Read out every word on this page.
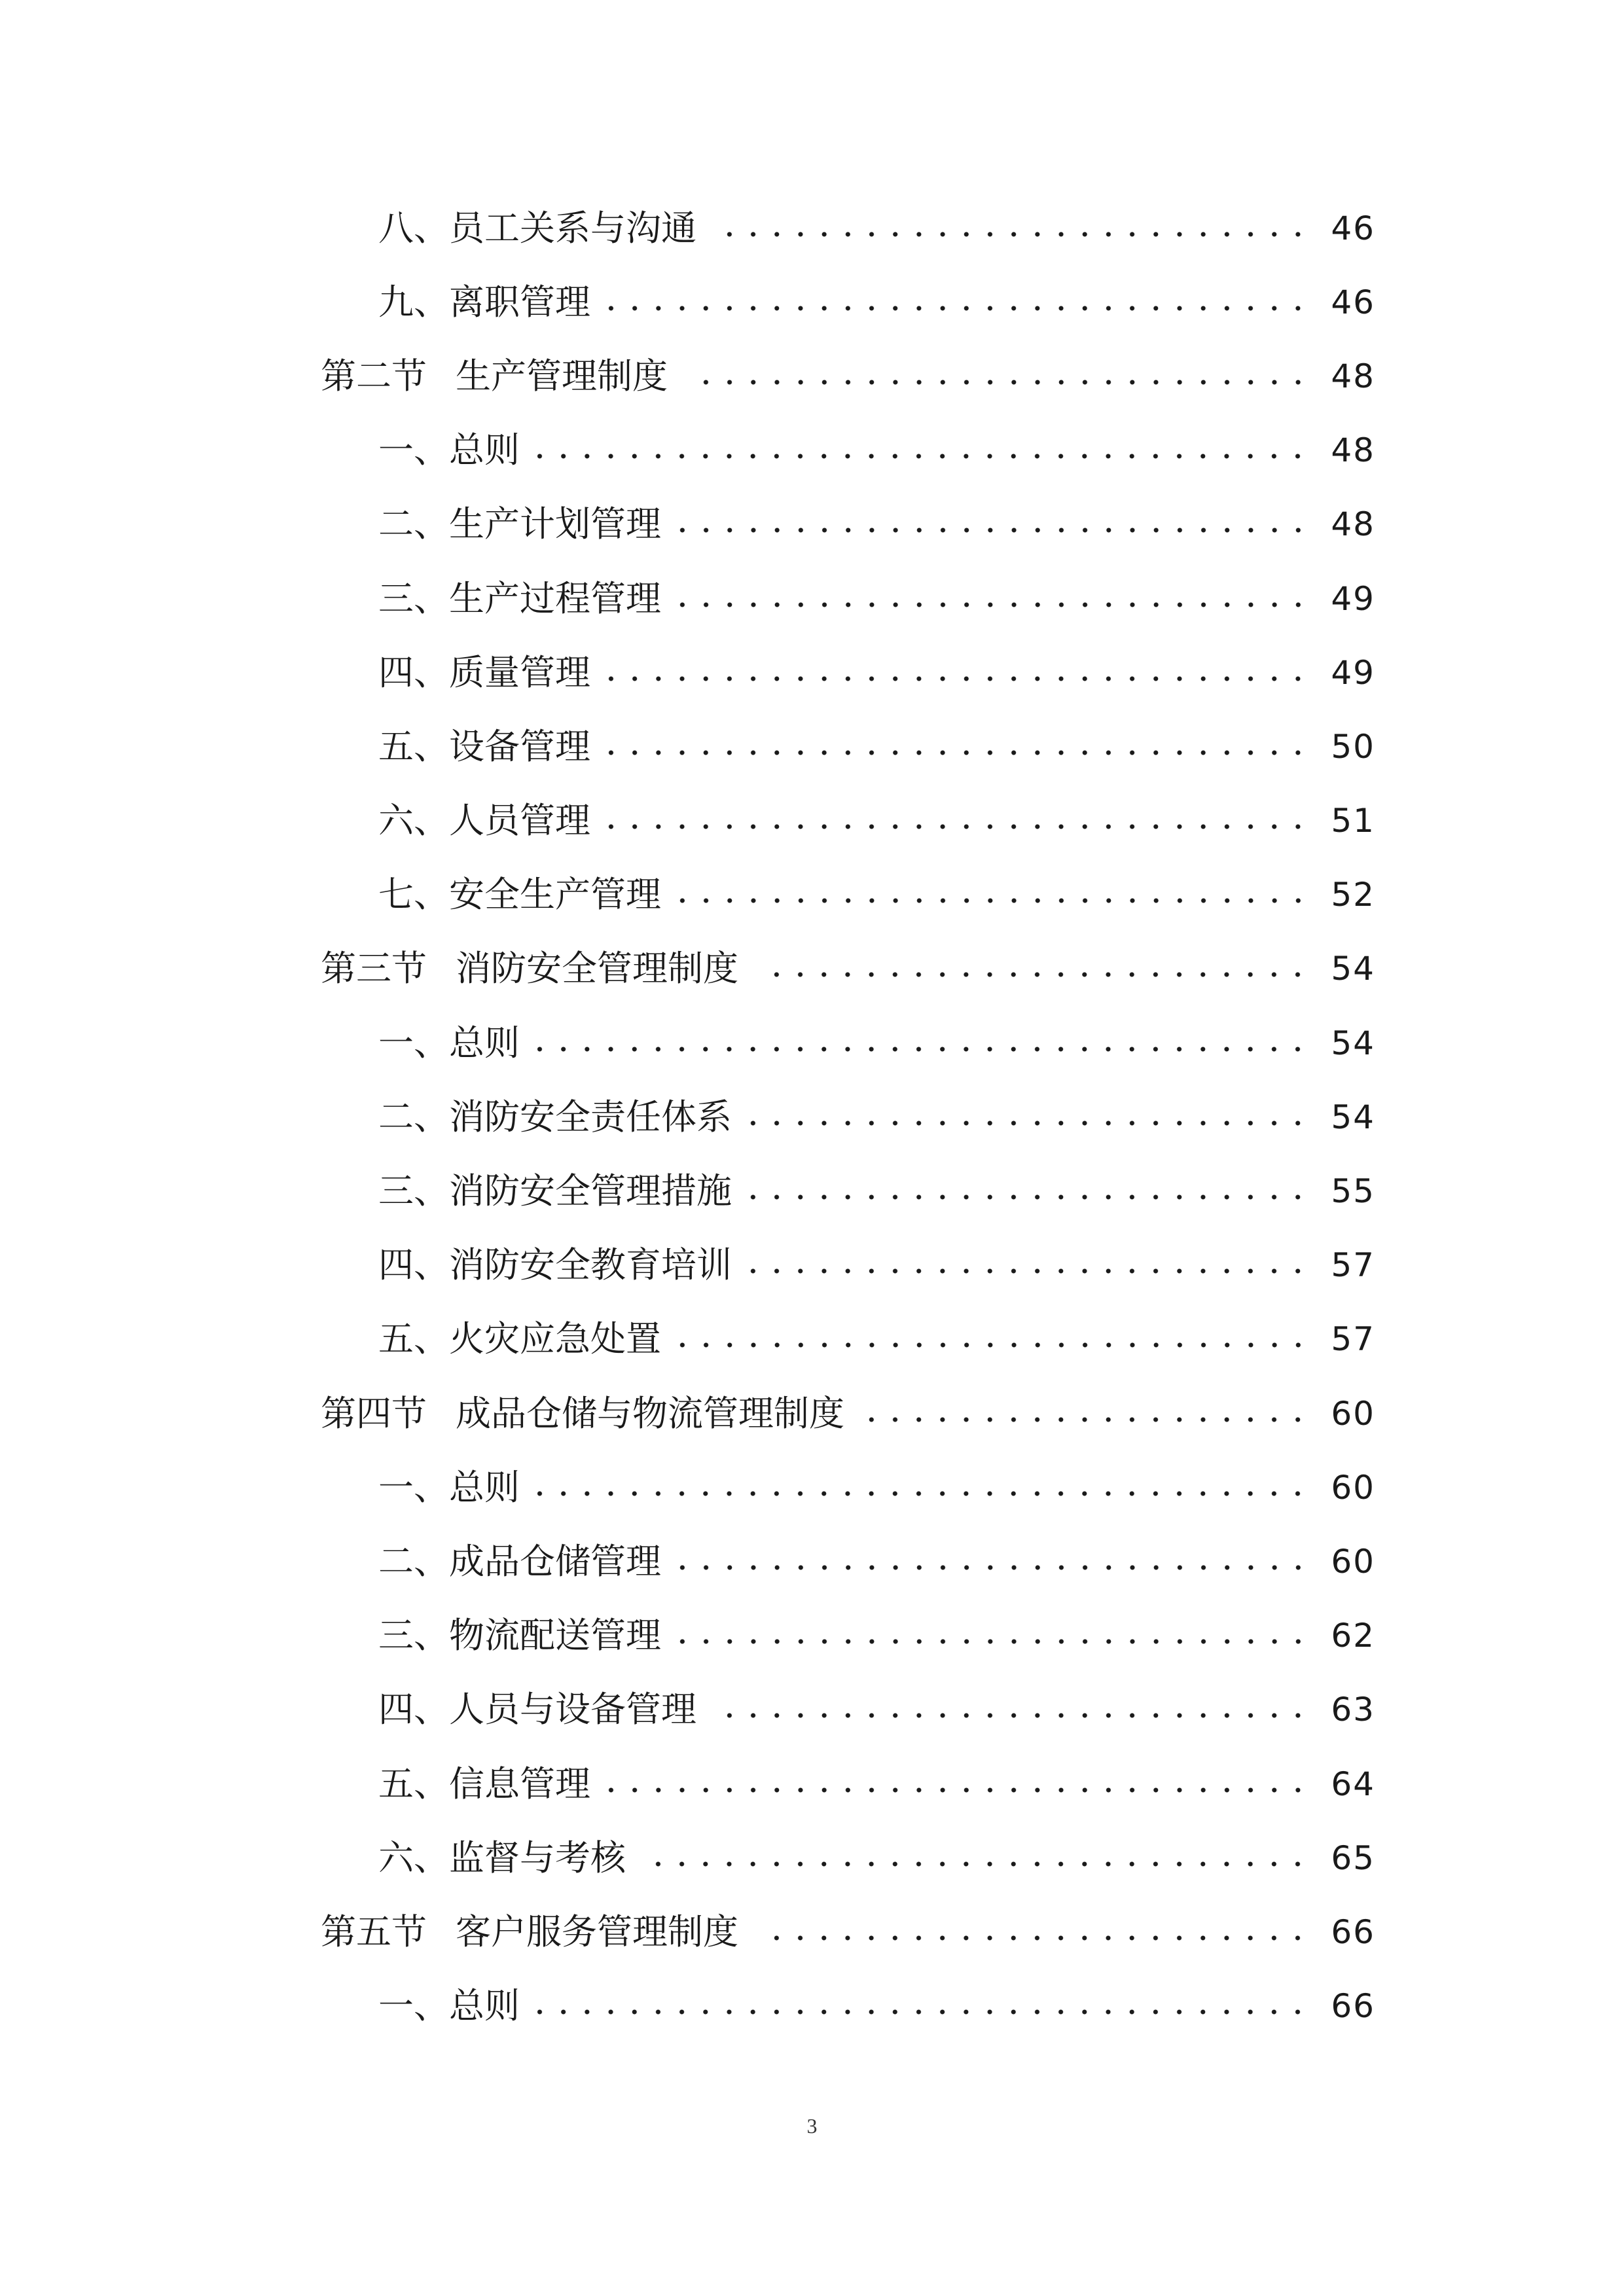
八、 员工关系与沟通	46
九、 离职管理	46
第二节 生产管理制度	48
一、 总则	48
二、 生产计划管理	48
三、 生产过程管理	49
四、 质量管理	49
五、 设备管理	50
六、 人员管理	51
七、 安全生产管理	52
第三节 消防安全管理制度	54
一、 总则	54
二、 消防安全责任体系	54
三、 消防安全管理措施	55
四、 消防安全教育培训	57
五、 火灾应急处置	57
第四节 成品仓储与物流管理制度	60
一、 总则	60
二、 成品仓储管理	60
三、 物流配送管理	62
四、 人员与设备管理	63
五、 信息管理	64
六、 监督与考核	65
第五节 客户服务管理制度	66
一、 总则	66
3
